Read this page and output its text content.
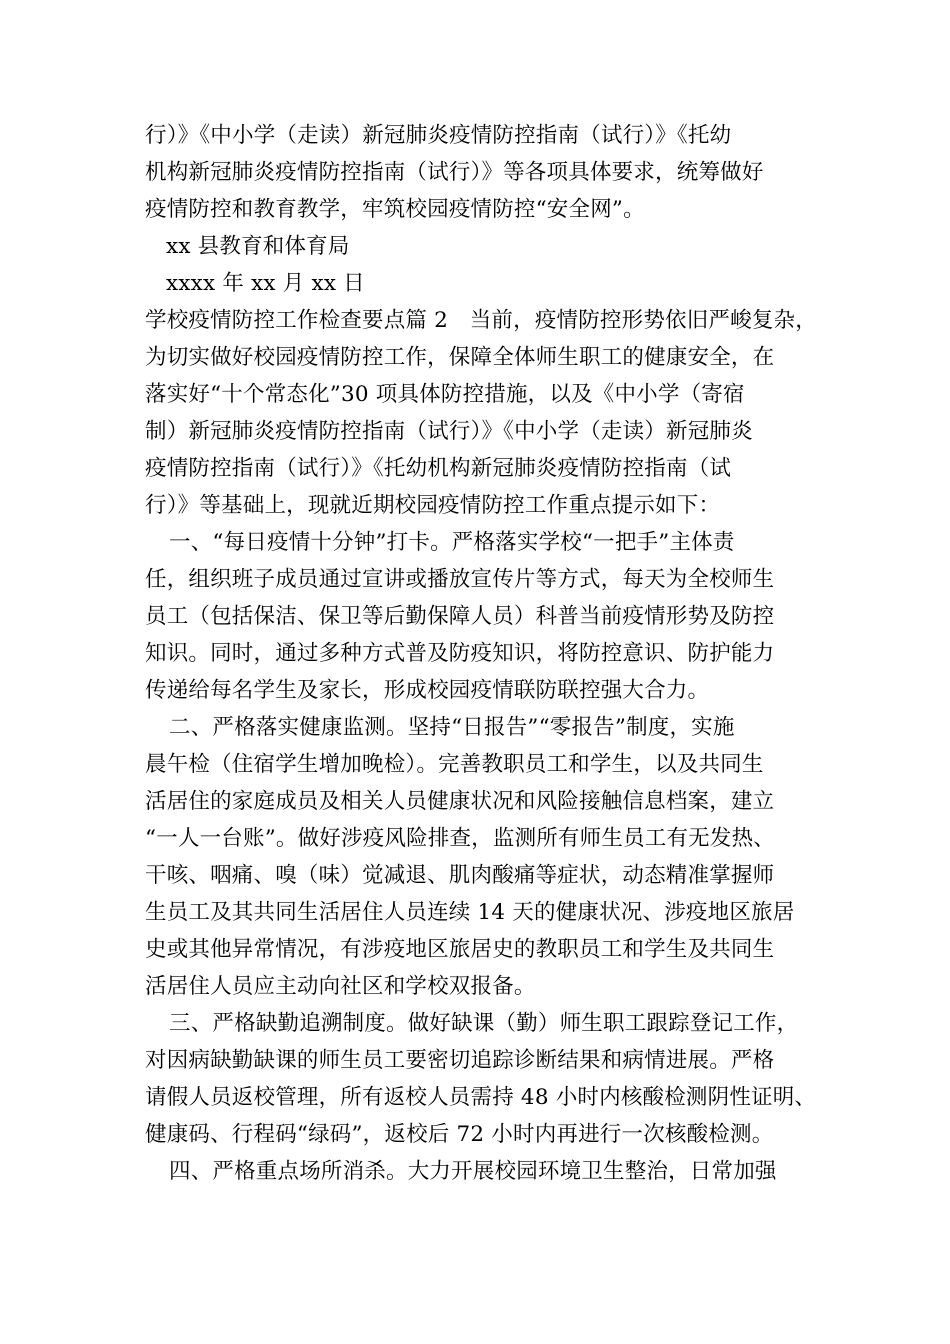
行）》《中小学（走读）新冠肺炎疫情防控指南（试行）》《托幼
机构新冠肺炎疫情防控指南（试行）》等各项具体要求，统筹做好
疫情防控和教育教学，牢筑校园疫情防控“安全网”。
xx 县教育和体育局
xxxx 年 xx 月 xx 日
学校疫情防控工作检查要点篇 2　当前，疫情防控形势依旧严峻复杂，
为切实做好校园疫情防控工作，保障全体师生职工的健康安全，在
落实好“十个常态化”30 项具体防控措施，以及《中小学（寄宿
制）新冠肺炎疫情防控指南（试行）》《中小学（走读）新冠肺炎
疫情防控指南（试行）》《托幼机构新冠肺炎疫情防控指南（试
行）》等基础上，现就近期校园疫情防控工作重点提示如下：
一、“每日疫情十分钟”打卡。严格落实学校“一把手”主体责
任，组织班子成员通过宣讲或播放宣传片等方式，每天为全校师生
员工（包括保洁、保卫等后勤保障人员）科普当前疫情形势及防控
知识。同时，通过多种方式普及防疫知识，将防控意识、防护能力
传递给每名学生及家长，形成校园疫情联防联控强大合力。
二、严格落实健康监测。坚持“日报告”“零报告”制度，实施
晨午检（住宿学生增加晚检）。完善教职员工和学生，以及共同生
活居住的家庭成员及相关人员健康状况和风险接触信息档案，建立
“一人一台账”。做好涉疫风险排查，监测所有师生员工有无发热、
干咳、咽痛、嗅（味）觉减退、肌肉酸痛等症状，动态精准掌握师
生员工及其共同生活居住人员连续 14 天的健康状况、涉疫地区旅居
史或其他异常情况，有涉疫地区旅居史的教职员工和学生及共同生
活居住人员应主动向社区和学校双报备。
三、严格缺勤追溯制度。做好缺课（勤）师生职工跟踪登记工作，
对因病缺勤缺课的师生员工要密切追踪诊断结果和病情进展。严格
请假人员返校管理，所有返校人员需持 48 小时内核酸检测阴性证明、
健康码、行程码“绿码”，返校后 72 小时内再进行一次核酸检测。
四、严格重点场所消杀。大力开展校园环境卫生整治，日常加强
